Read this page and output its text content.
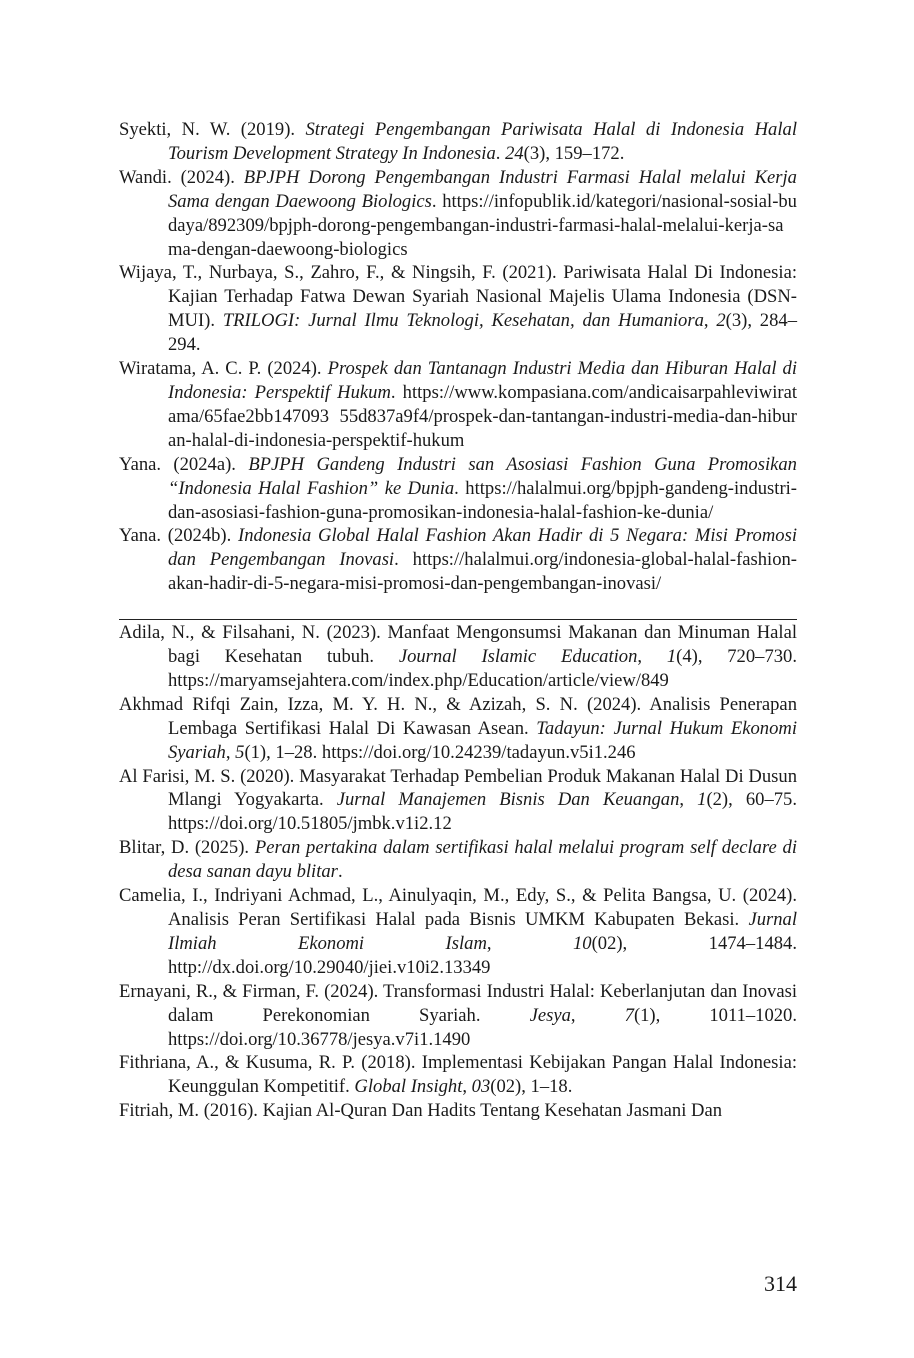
Syekti, N. W. (2019). Strategi Pengembangan Pariwisata Halal di Indonesia Halal Tourism Development Strategy In Indonesia. 24(3), 159–172.

Wandi. (2024). BPJPH Dorong Pengembangan Industri Farmasi Halal melalui Kerja Sama dengan Daewoong Biologics. https://infopublik.id/kategori/nasional-sosial-budaya/892309/bpjph-dorong-pengembangan-industri-farmasi-halal-melalui-kerja-sama-dengan-daewoong-biologics

Wijaya, T., Nurbaya, S., Zahro, F., & Ningsih, F. (2021). Pariwisata Halal Di Indonesia: Kajian Terhadap Fatwa Dewan Syariah Nasional Majelis Ulama Indonesia (DSN-MUI). TRILOGI: Jurnal Ilmu Teknologi, Kesehatan, dan Humaniora, 2(3), 284–294.

Wiratama, A. C. P. (2024). Prospek dan Tantanagn Industri Media dan Hiburan Halal di Indonesia: Perspektif Hukum. https://www.kompasiana.com/andicaisarpahleviwiratama/65fae2bb147093 55d837a9f4/prospek-dan-tantangan-industri-media-dan-hiburan-halal-di-indonesia-perspektif-hukum

Yana. (2024a). BPJPH Gandeng Industri san Asosiasi Fashion Guna Promosikan “Indonesia Halal Fashion” ke Dunia. https://halalmui.org/bpjph-gandeng-industri-dan-asosiasi-fashion-guna-promosikan-indonesia-halal-fashion-ke-dunia/

Yana. (2024b). Indonesia Global Halal Fashion Akan Hadir di 5 Negara: Misi Promosi dan Pengembangan Inovasi. https://halalmui.org/indonesia-global-halal-fashion-akan-hadir-di-5-negara-misi-promosi-dan-pengembangan-inovasi/

Adila, N., & Filsahani, N. (2023). Manfaat Mengonsumsi Makanan dan Minuman Halal bagi Kesehatan tubuh. Journal Islamic Education, 1(4), 720–730. https://maryamsejahtera.com/index.php/Education/article/view/849

Akhmad Rifqi Zain, Izza, M. Y. H. N., & Azizah, S. N. (2024). Analisis Penerapan Lembaga Sertifikasi Halal Di Kawasan Asean. Tadayun: Jurnal Hukum Ekonomi Syariah, 5(1), 1–28. https://doi.org/10.24239/tadayun.v5i1.246

Al Farisi, M. S. (2020). Masyarakat Terhadap Pembelian Produk Makanan Halal Di Dusun Mlangi Yogyakarta. Jurnal Manajemen Bisnis Dan Keuangan, 1(2), 60–75. https://doi.org/10.51805/jmbk.v1i2.12

Blitar, D. (2025). Peran pertakina dalam sertifikasi halal melalui program self declare di desa sanan dayu blitar.

Camelia, I., Indriyani Achmad, L., Ainulyaqin, M., Edy, S., & Pelita Bangsa, U. (2024). Analisis Peran Sertifikasi Halal pada Bisnis UMKM Kabupaten Bekasi. Jurnal Ilmiah Ekonomi Islam, 10(02), 1474–1484. http://dx.doi.org/10.29040/jiei.v10i2.13349

Ernayani, R., & Firman, F. (2024). Transformasi Industri Halal: Keberlanjutan dan Inovasi dalam Perekonomian Syariah. Jesya, 7(1), 1011–1020. https://doi.org/10.36778/jesya.v7i1.1490

Fithriana, A., & Kusuma, R. P. (2018). Implementasi Kebijakan Pangan Halal Indonesia: Keunggulan Kompetitif. Global Insight, 03(02), 1–18.

Fitriah, M. (2016). Kajian Al-Quran Dan Hadits Tentang Kesehatan Jasmani Dan

314
